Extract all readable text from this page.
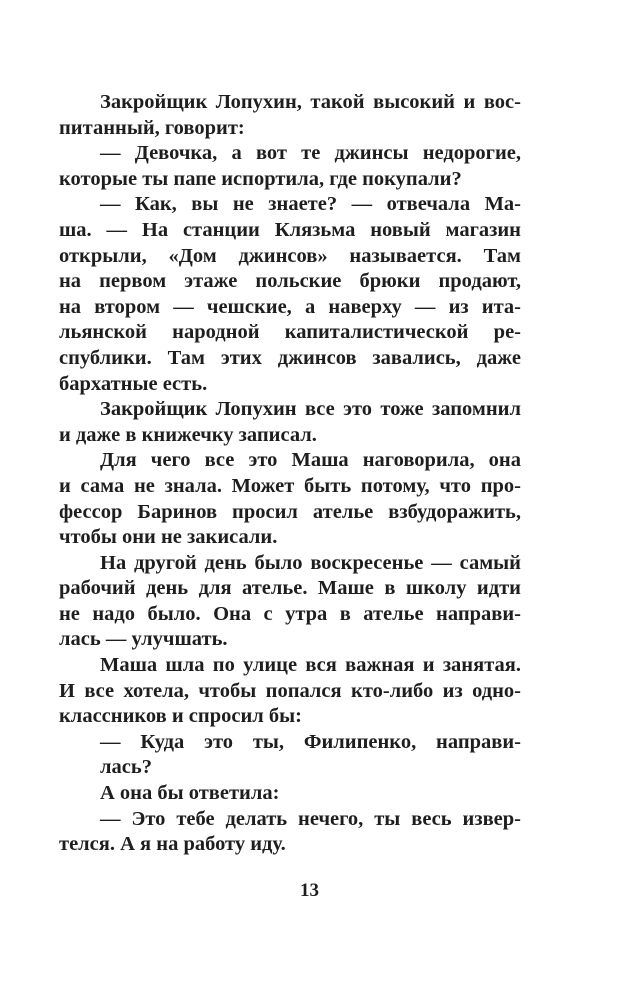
Закройщик Лопухин, такой высокий и вос-
питанный, говорит:
— Девочка, а вот те джинсы недорогие,
которые ты папе испортила, где покупали?
— Как, вы не знаете? — отвечала Ма-
ша. — На станции Клязьма новый магазин
открыли, «Дом джинсов» называется. Там
на первом этаже польские брюки продают,
на втором — чешские, а наверху — из ита-
льянской народной капиталистической ре-
спублики. Там этих джинсов завались, даже
бархатные есть.
Закройщик Лопухин все это тоже запомнил
и даже в книжечку записал.
Для чего все это Маша наговорила, она
и сама не знала. Может быть потому, что про-
фессор Баринов просил ателье взбудоражить,
чтобы они не закисали.
На другой день было воскресенье — самый
рабочий день для ателье. Маше в школу идти
не надо было. Она с утра в ателье направи-
лась — улучшать.
Маша шла по улице вся важная и занятая.
И все хотела, чтобы попался кто-либо из одно-
классников и спросил бы:
— Куда это ты, Филипенко, направи-
лась?
А она бы ответила:
— Это тебе делать нечего, ты весь извер-
телся. А я на работу иду.
13
